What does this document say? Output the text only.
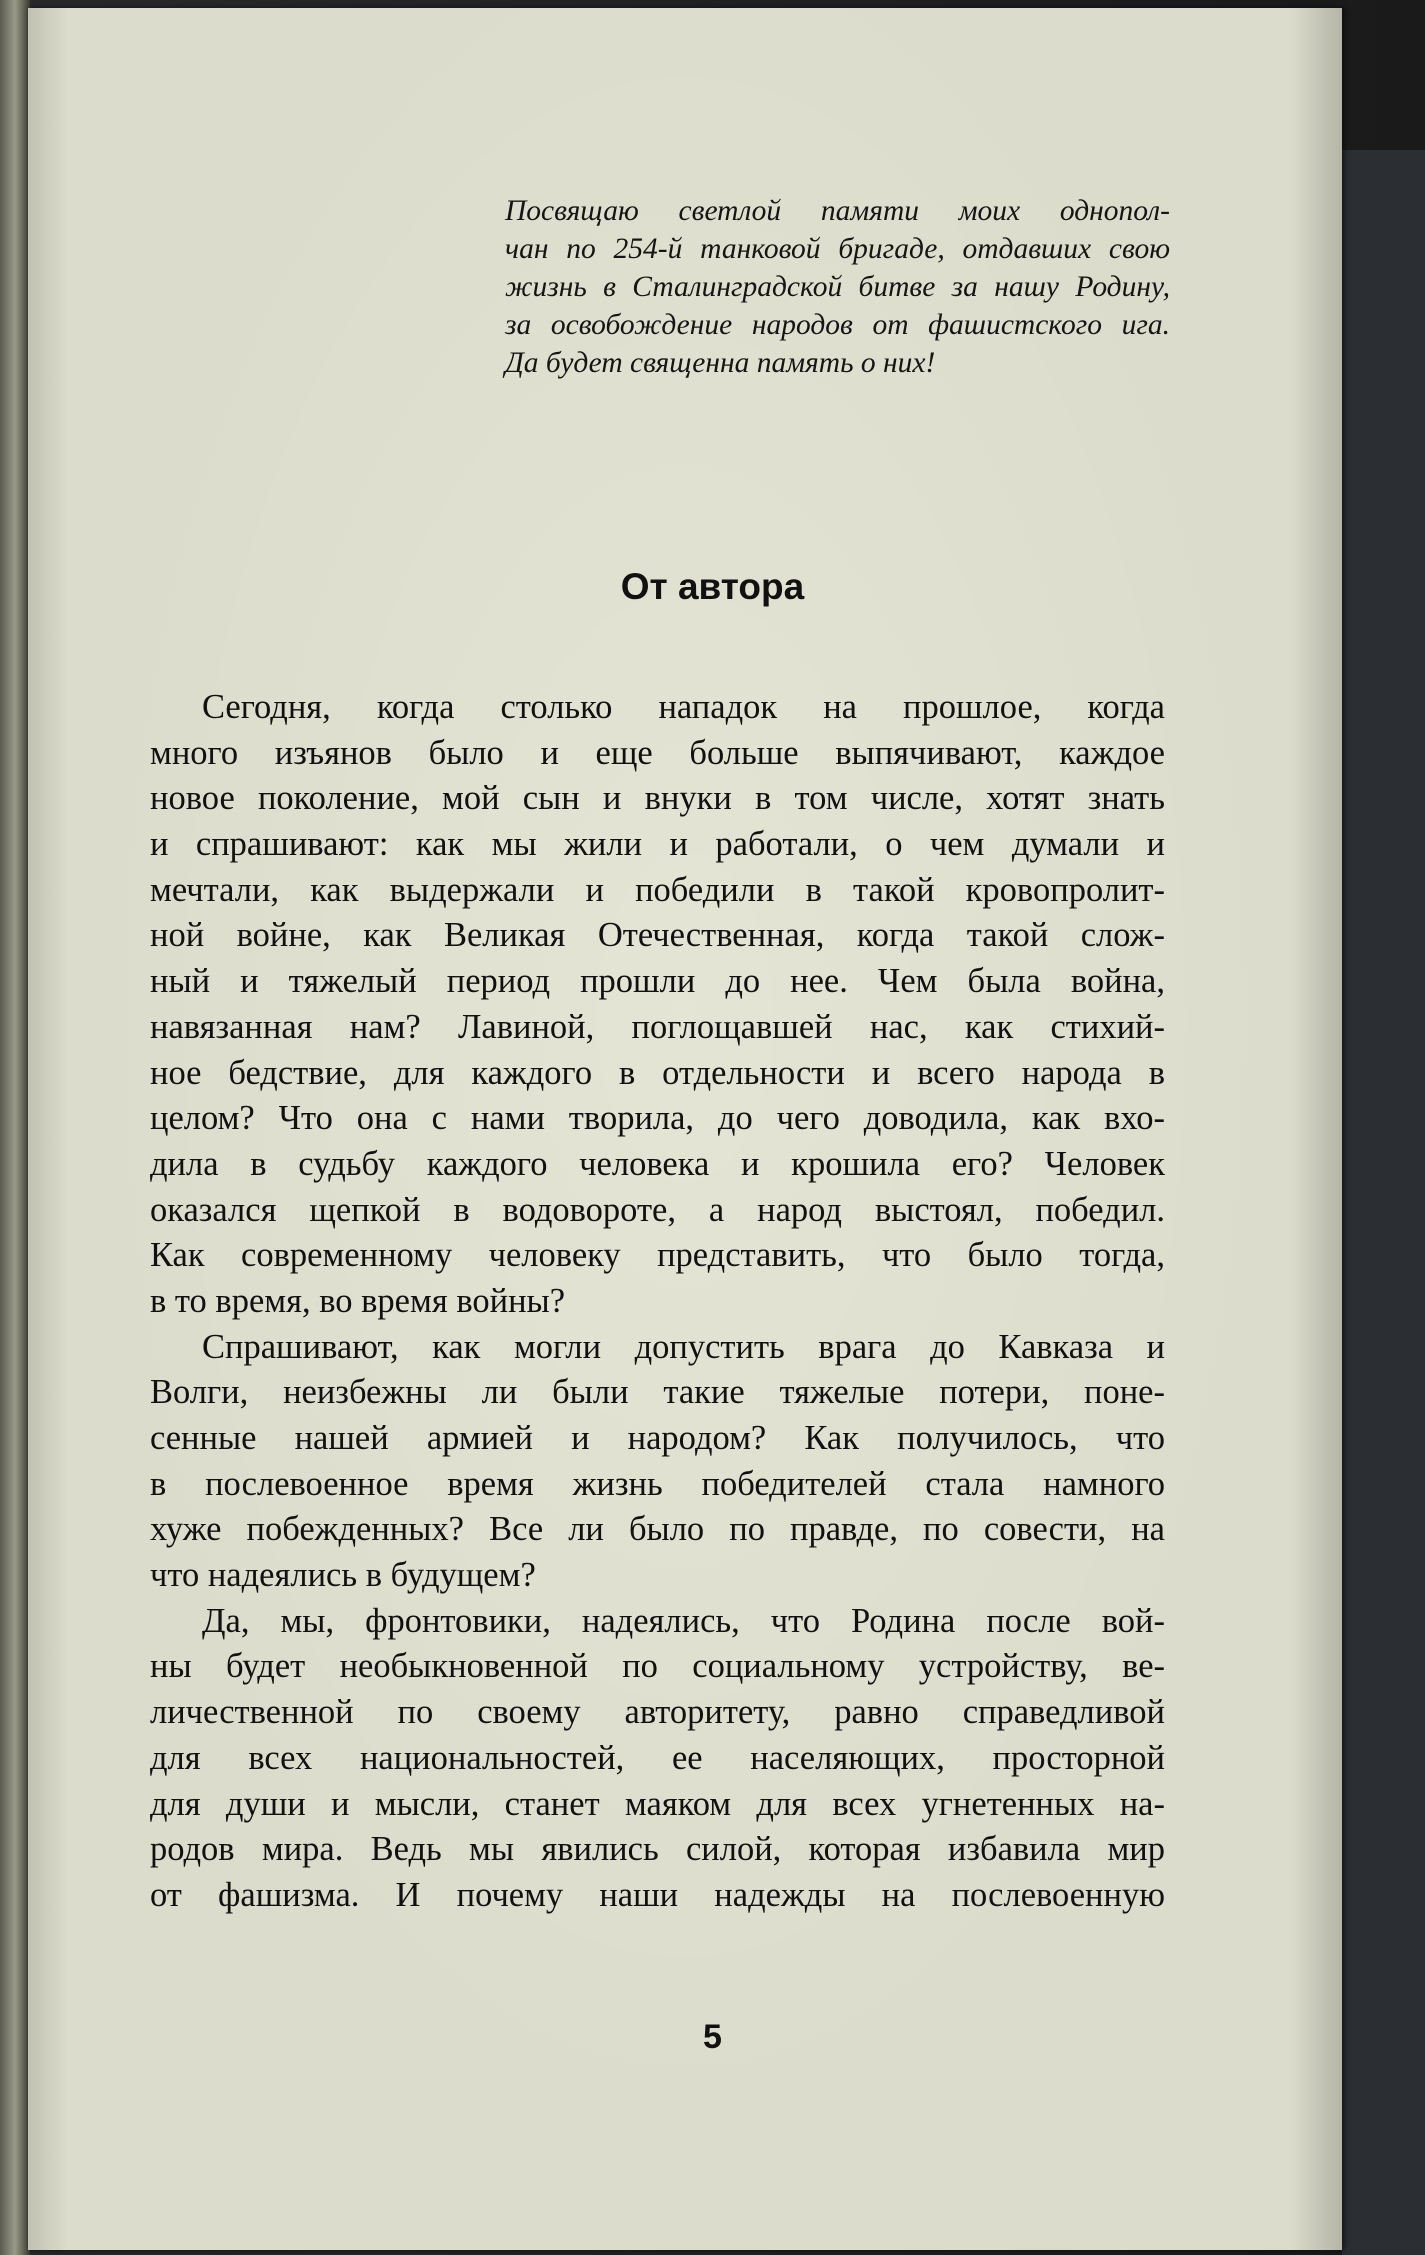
Посвящаю светлой памяти моих однопол-
чан по 254-й танковой бригаде, отдавших свою
жизнь в Сталинградской битве за нашу Родину,
за освобождение народов от фашистского ига.
Да будет священна память о них!
От автора
Сегодня, когда столько нападок на прошлое, когда
много изъянов было и еще больше выпячивают, каждое
новое поколение, мой сын и внуки в том числе, хотят знать
и спрашивают: как мы жили и работали, о чем думали и
мечтали, как выдержали и победили в такой кровопролит-
ной войне, как Великая Отечественная, когда такой слож-
ный и тяжелый период прошли до нее. Чем была война,
навязанная нам? Лавиной, поглощавшей нас, как стихий-
ное бедствие, для каждого в отдельности и всего народа в
целом? Что она с нами творила, до чего доводила, как вхо-
дила в судьбу каждого человека и крошила его? Человек
оказался щепкой в водовороте, а народ выстоял, победил.
Как современному человеку представить, что было тогда,
в то время, во время войны?
Спрашивают, как могли допустить врага до Кавказа и
Волги, неизбежны ли были такие тяжелые потери, поне-
сенные нашей армией и народом? Как получилось, что
в послевоенное время жизнь победителей стала намного
хуже побежденных? Все ли было по правде, по совести, на
что надеялись в будущем?
Да, мы, фронтовики, надеялись, что Родина после вой-
ны будет необыкновенной по социальному устройству, ве-
личественной по своему авторитету, равно справедливой
для всех национальностей, ее населяющих, просторной
для души и мысли, станет маяком для всех угнетенных на-
родов мира. Ведь мы явились силой, которая избавила мир
от фашизма. И почему наши надежды на послевоенную
5
